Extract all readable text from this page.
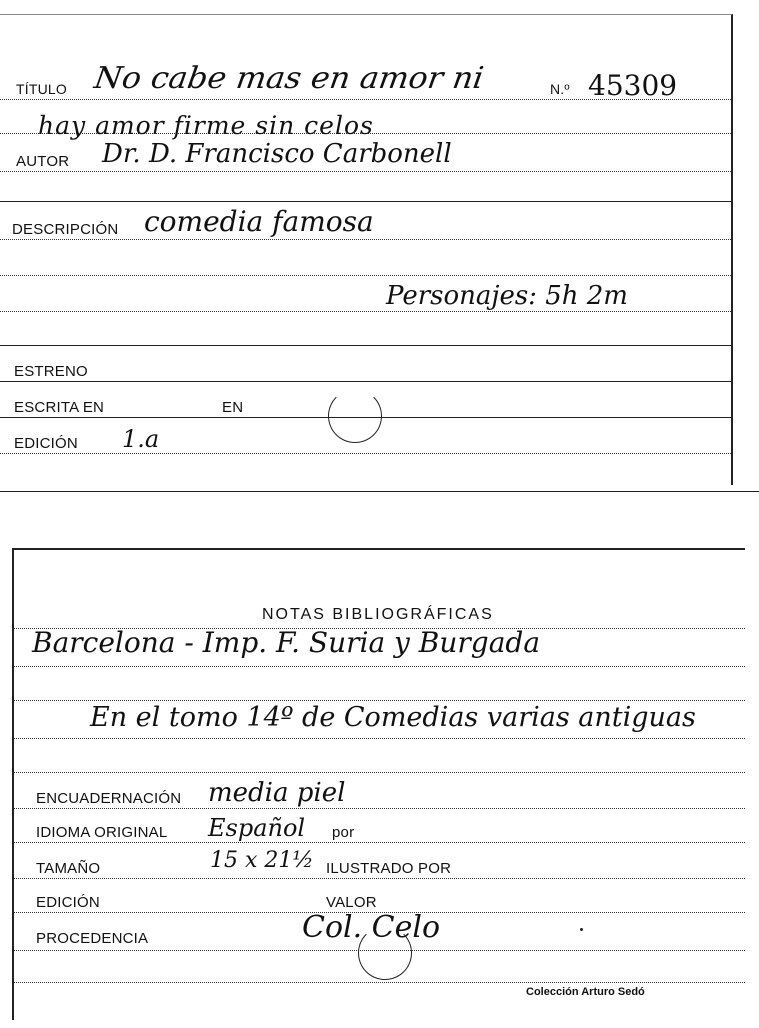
TÍTULO No cabe mas en amor ni	N.º 45309
hay amor firme sin celos
AUTOR Dr. D. Francisco Carbonell
DESCRIPCIÓN comedia famosa
Personajes: 5h 2m
ESTRENO
ESCRITA EN	EN
EDICIÓN 1.a
NOTAS BIBLIOGRÁFICAS
Barcelona - Imp. F. Suria y Burgada
En el tomo 14º de Comedias varias antiguas
ENCUADERNACIÓN media piel
IDIOMA ORIGINAL Español por
TAMAÑO	15 x 21½ ILUSTRADO POR
EDICIÓN	VALOR
PROCEDENCIA	Col. Celo
Colección Arturo Sedó
